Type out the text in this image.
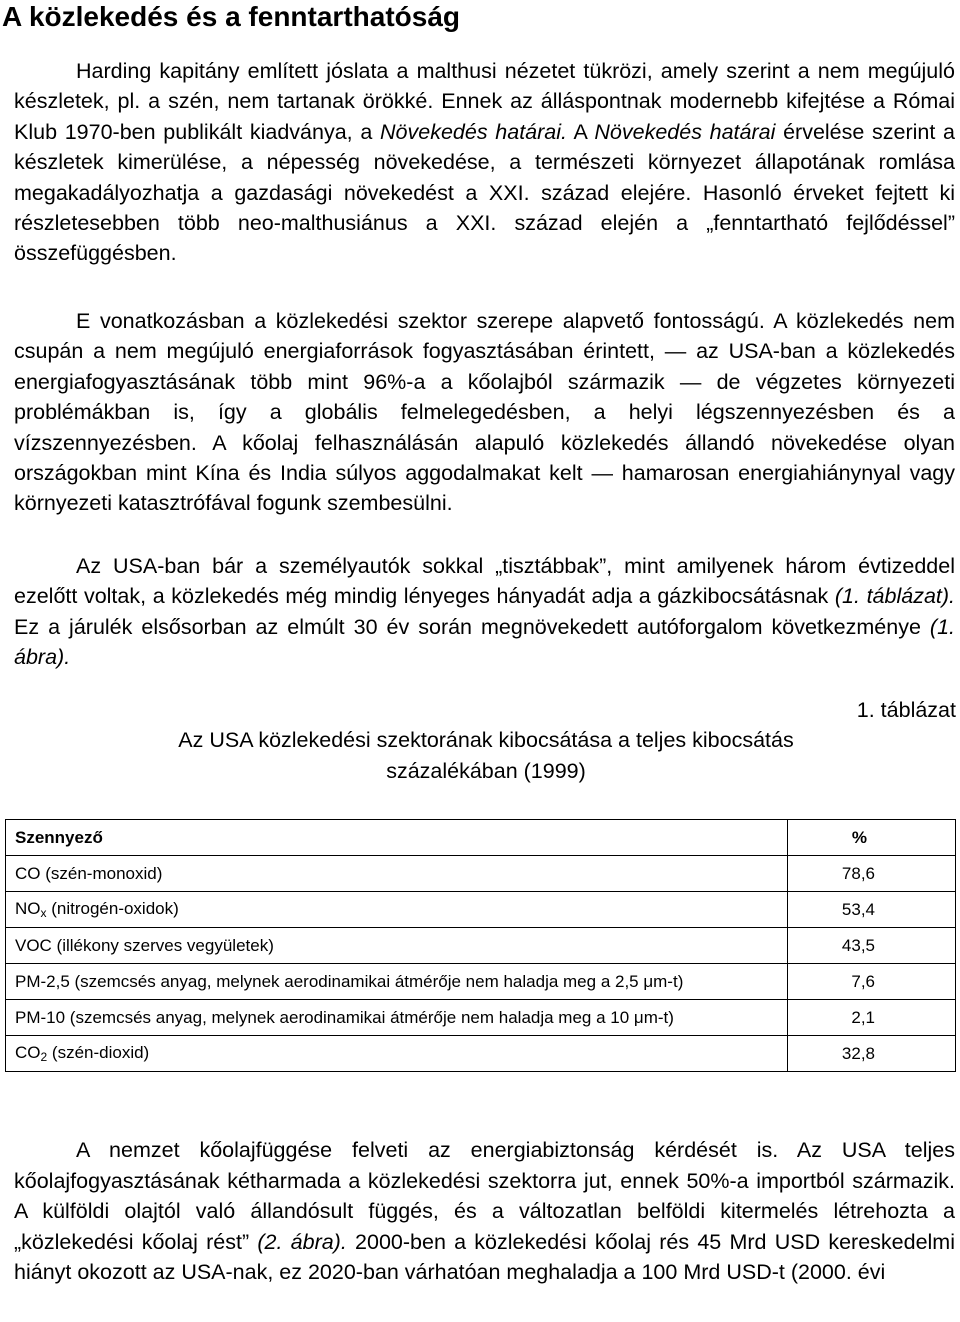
A közlekedés és a fenntarthatóság

Harding kapitány említett jóslata a malthusi nézetet tükrözi, amely szerint a nem megújuló készletek, pl. a szén, nem tartanak örökké. Ennek az álláspontnak modernebb kifejtése a Római Klub 1970-ben publikált kiadványa, a Növekedés határai. A Növekedés határai érvelése szerint a készletek kimerülése, a népesség növekedése, a természeti környezet állapotának romlása megakadályozhatja a gazdasági növekedést a XXI. század elejére. Hasonló érveket fejtett ki részletesebben több neo-malthusiánus a XXI. század elején a „fenntartható fejlődéssel” összefüggésben.

E vonatkozásban a közlekedési szektor szerepe alapvető fontosságú. A közlekedés nem csupán a nem megújuló energiaforrások fogyasztásában érintett, — az USA-ban a közlekedés energiafogyasztásának több mint 96%-a a kőolajból származik — de végzetes környezeti problémákban is, így a globális felmelegedésben, a helyi légszennyezésben és a vízszennyezésben. A kőolaj felhasználásán alapuló közlekedés állandó növekedése olyan országokban mint Kína és India súlyos aggodalmakat kelt — hamarosan energiahiánynyal vagy környezeti katasztrófával fogunk szembesülni.

Az USA-ban bár a személyautók sokkal „tisztábbak”, mint amilyenek három évtizeddel ezelőtt voltak, a közlekedés még mindig lényeges hányadát adja a gázkibocsátásnak (1. táblázat). Ez a járulék elsősorban az elmúlt 30 év során megnövekedett autóforgalom következménye (1. ábra).

1. táblázat
Az USA közlekedési szektorának kibocsátása a teljes kibocsátás
százalékában (1999)
Szennyező	%
CO (szén-monoxid)	78,6
$NO_x$ (nitrogén-oxidok)	53,4
VOC (illékony szerves vegyületek)	43,5
PM-2,5 (szemcsés anyag, melynek aerodinamikai átmérője nem haladja meg a 2,5 μm-t)	7,6
PM-10 (szemcsés anyag, melynek aerodinamikai átmérője nem haladja meg a 10 μm-t)	2,1
$CO_2$ (szén-dioxid)	32,8

A nemzet kőolajfüggése felveti az energiabiztonság kérdését is. Az USA teljes kőolajfogyasztásának kétharmada a közlekedési szektorra jut, ennek 50%-a importból származik. A külföldi olajtól való állandósult függés, és a változatlan belföldi kitermelés létrehozta a „közlekedési kőolaj rést” (2. ábra). 2000-ben a közlekedési kőolaj rés 45 Mrd USD kereskedelmi hiányt okozott az USA-nak, ez 2020-ban várhatóan meghaladja a 100 Mrd USD-t (2000. évi
